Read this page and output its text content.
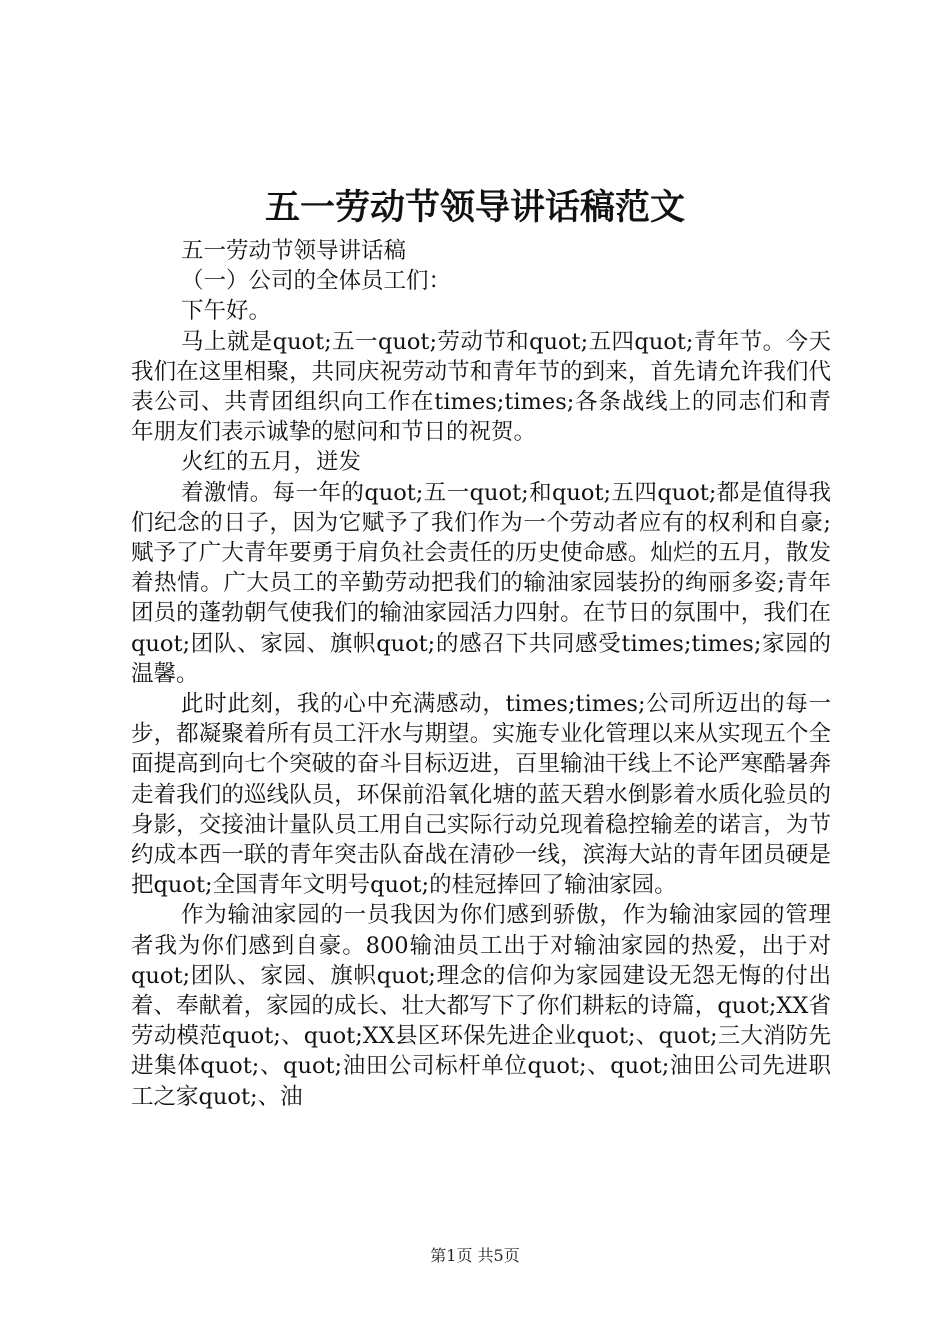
五一劳动节领导讲话稿范文

五一劳动节领导讲话稿

（一）公司的全体员工们：

下午好。

马上就是quot;五一quot;劳动节和quot;五四quot;青年节。今天我们在这里相聚，共同庆祝劳动节和青年节的到来，首先请允许我们代表公司、共青团组织向工作在times;times;各条战线上的同志们和青年朋友们表示诚挚的慰问和节日的祝贺。

火红的五月，迸发

着激情。每一年的quot;五一quot;和quot;五四quot;都是值得我们纪念的日子，因为它赋予了我们作为一个劳动者应有的权利和自豪;赋予了广大青年要勇于肩负社会责任的历史使命感。灿烂的五月，散发着热情。广大员工的辛勤劳动把我们的输油家园装扮的绚丽多姿;青年团员的蓬勃朝气使我们的输油家园活力四射。在节日的氛围中，我们在quot;团队、家园、旗帜quot;的感召下共同感受times;times;家园的温馨。

此时此刻，我的心中充满感动，times;times;公司所迈出的每一步，都凝聚着所有员工汗水与期望。实施专业化管理以来从实现五个全面提高到向七个突破的奋斗目标迈进，百里输油干线上不论严寒酷暑奔走着我们的巡线队员，环保前沿氧化塘的蓝天碧水倒影着水质化验员的身影，交接油计量队员工用自己实际行动兑现着稳控输差的诺言，为节约成本西一联的青年突击队奋战在清砂一线，滨海大站的青年团员硬是把quot;全国青年文明号quot;的桂冠捧回了输油家园。

作为输油家园的一员我因为你们感到骄傲，作为输油家园的管理者我为你们感到自豪。800输油员工出于对输油家园的热爱，出于对quot;团队、家园、旗帜quot;理念的信仰为家园建设无怨无悔的付出着、奉献着，家园的成长、壮大都写下了你们耕耘的诗篇，quot;XX省劳动模范quot;、quot;XX县区环保先进企业quot;、quot;三大消防先进集体quot;、quot;油田公司标杆单位quot;、quot;油田公司先进职工之家quot;、油

第1页 共5页
